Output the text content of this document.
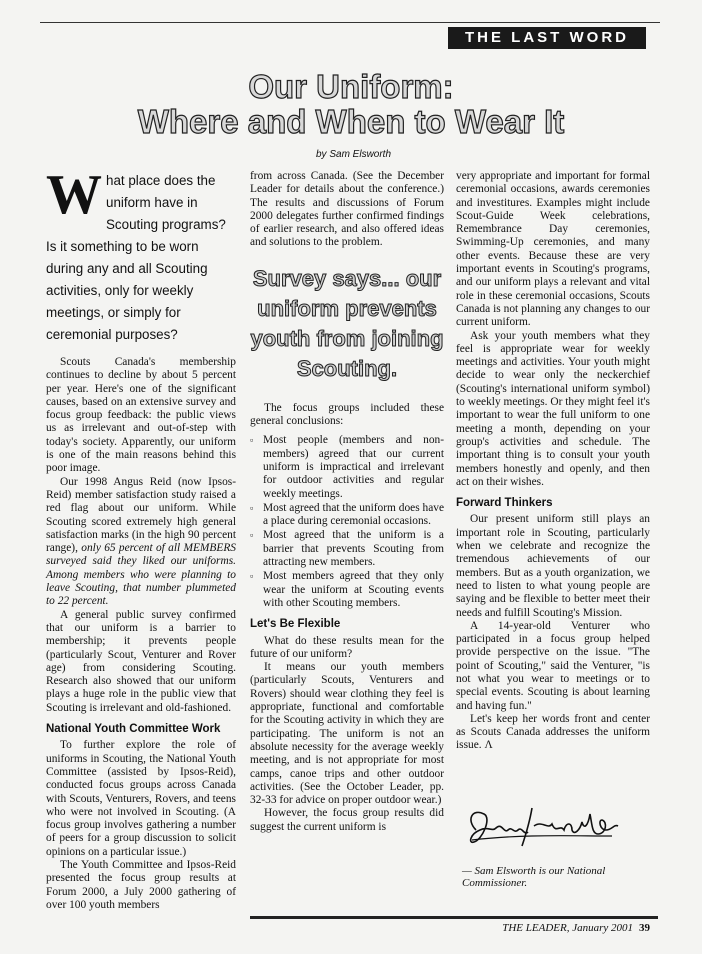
THE LAST WORD
Our Uniform:
Where and When to Wear It
by Sam Elsworth
What place does the uniform have in Scouting programs? Is it something to be worn during any and all Scouting activities, only for weekly meetings, or simply for ceremonial purposes?

Scouts Canada's membership continues to decline by about 5 percent per year. Here's one of the significant causes, based on an extensive survey and focus group feedback: the public views us as irrelevant and out-of-step with today's society. Apparently, our uniform is one of the main reasons behind this poor image.

Our 1998 Angus Reid (now Ipsos-Reid) member satisfaction study raised a red flag about our uniform. While Scouting scored extremely high general satisfaction marks (in the high 90 percent range), only 65 percent of all MEMBERS surveyed said they liked our uniforms. Among members who were planning to leave Scouting, that number plummeted to 22 percent.

A general public survey confirmed that our uniform is a barrier to membership; it prevents people (particularly Scout, Venturer and Rover age) from considering Scouting. Research also showed that our uniform plays a huge role in the public view that Scouting is irrelevant and old-fashioned.

National Youth Committee Work

To further explore the role of uniforms in Scouting, the National Youth Committee (assisted by Ipsos-Reid), conducted focus groups across Canada with Scouts, Venturers, Rovers, and teens who were not involved in Scouting. (A focus group involves gathering a number of peers for a group discussion to solicit opinions on a particular issue.)

The Youth Committee and Ipsos-Reid presented the focus group results at Forum 2000, a July 2000 gathering of over 100 youth members

from across Canada. (See the December Leader for details about the conference.) The results and discussions of Forum 2000 delegates further confirmed findings of earlier research, and also offered ideas and solutions to the problem.

Survey says... our uniform prevents youth from joining Scouting.

The focus groups included these general conclusions:

▫ Most people (members and non-members) agreed that our current uniform is impractical and irrelevant for outdoor activities and regular weekly meetings.
▫ Most agreed that the uniform does have a place during ceremonial occasions.
▫ Most agreed that the uniform is a barrier that prevents Scouting from attracting new members.
▫ Most members agreed that they only wear the uniform at Scouting events with other Scouting members.
Let's Be Flexible

What do these results mean for the future of our uniform?

It means our youth members (particularly Scouts, Venturers and Rovers) should wear clothing they feel is appropriate, functional and comfortable for the Scouting activity in which they are participating. The uniform is not an absolute necessity for the average weekly meeting, and is not appropriate for most camps, canoe trips and other outdoor activities. (See the October Leader, pp. 32-33 for advice on proper outdoor wear.)

However, the focus group results did suggest the current uniform is

very appropriate and important for formal ceremonial occasions, awards ceremonies and investitures. Examples might include Scout-Guide Week celebrations, Remembrance Day ceremonies, Swimming-Up ceremonies, and many other events. Because these are very important events in Scouting's programs, and our uniform plays a relevant and vital role in these ceremonial occasions, Scouts Canada is not planning any changes to our current uniform.

Ask your youth members what they feel is appropriate wear for weekly meetings and activities. Your youth might decide to wear only the neckerchief (Scouting's international uniform symbol) to weekly meetings. Or they might feel it's important to wear the full uniform to one meeting a month, depending on your group's activities and schedule. The important thing is to consult your youth members honestly and openly, and then act on their wishes.

Forward Thinkers

Our present uniform still plays an important role in Scouting, particularly when we celebrate and recognize the tremendous achievements of our members. But as a youth organization, we need to listen to what young people are saying and be flexible to better meet their needs and fulfill Scouting's Mission.

A 14-year-old Venturer who participated in a focus group helped provide perspective on the issue. "The point of Scouting," said the Venturer, "is not what you wear to meetings or to special events. Scouting is about learning and having fun."

Let's keep her words front and center as Scouts Canada addresses the uniform issue. Λ

— Sam Elsworth is our National Commissioner.
THE LEADER, January 2001 39
